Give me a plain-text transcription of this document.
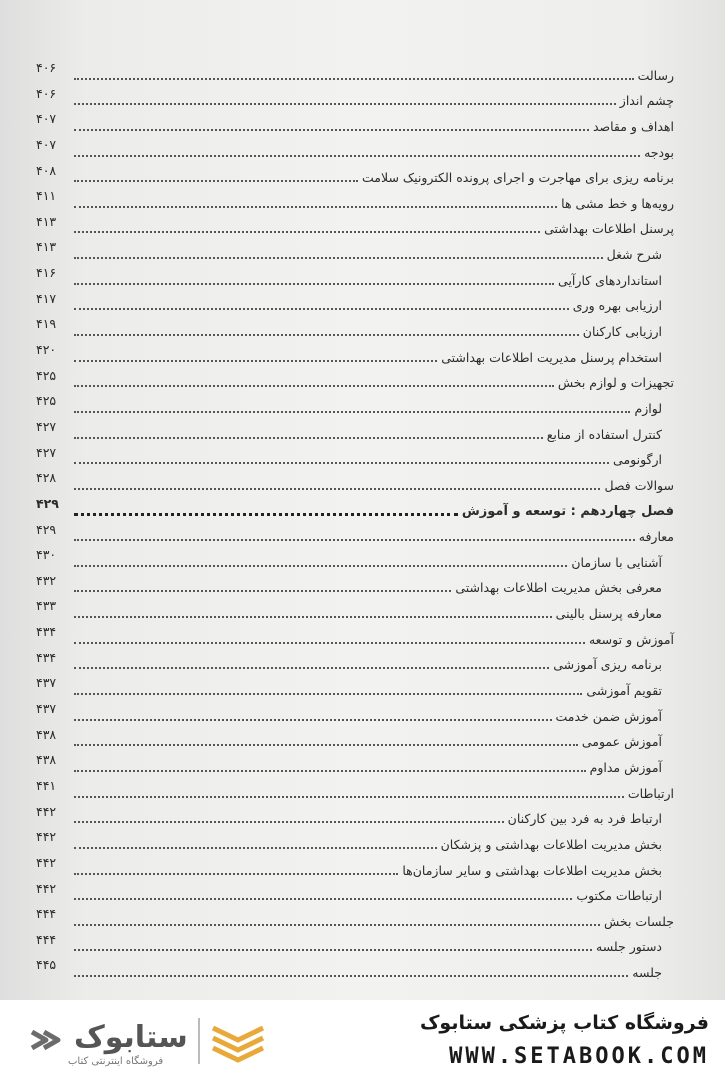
رسالت
۴۰۶
چشم انداز
۴۰۶
اهداف و مقاصد
۴۰۷
بودجه
۴۰۷
برنامه ریزی برای مهاجرت و اجرای پرونده الکترونیک سلامت
۴۰۸
رویه‌ها و خط مشی ها
۴۱۱
پرسنل اطلاعات بهداشتی
۴۱۳
شرح شغل
۴۱۳
استانداردهای کارآیی
۴۱۶
ارزیابی بهره وری
۴۱۷
ارزیابی کارکنان
۴۱۹
استخدام پرسنل مدیریت اطلاعات بهداشتی
۴۲۰
تجهیزات و لوازم بخش
۴۲۵
لوازم
۴۲۵
کنترل استفاده از منابع
۴۲۷
ارگونومی
۴۲۷
سوالات فصل
۴۲۸
فصل چهاردهم : توسعه و آموزش
۴۲۹
معارفه
۴۲۹
آشنایی با سازمان
۴۳۰
معرفی بخش مدیریت اطلاعات بهداشتی
۴۳۲
معارفه پرسنل بالینی
۴۳۳
آموزش و توسعه
۴۳۴
برنامه ریزی آموزشی
۴۳۴
تقویم آموزشی
۴۳۷
آموزش ضمن خدمت
۴۳۷
آموزش عمومی
۴۳۸
آموزش مداوم
۴۳۸
ارتباطات
۴۴۱
ارتباط فرد به فرد بین کارکنان
۴۴۲
بخش مدیریت اطلاعات بهداشتی و پزشکان
۴۴۲
بخش مدیریت اطلاعات بهداشتی و سایر سازمان‌ها
۴۴۲
ارتباطات مکتوب
۴۴۲
جلسات بخش
۴۴۴
دستور جلسه
۴۴۴
جلسه
۴۴۵
ستابوک
فروشگاه اینترنتی کتاب
فروشگاه کتاب پزشکی ستابوک
WWW.SETABOOK.COM
